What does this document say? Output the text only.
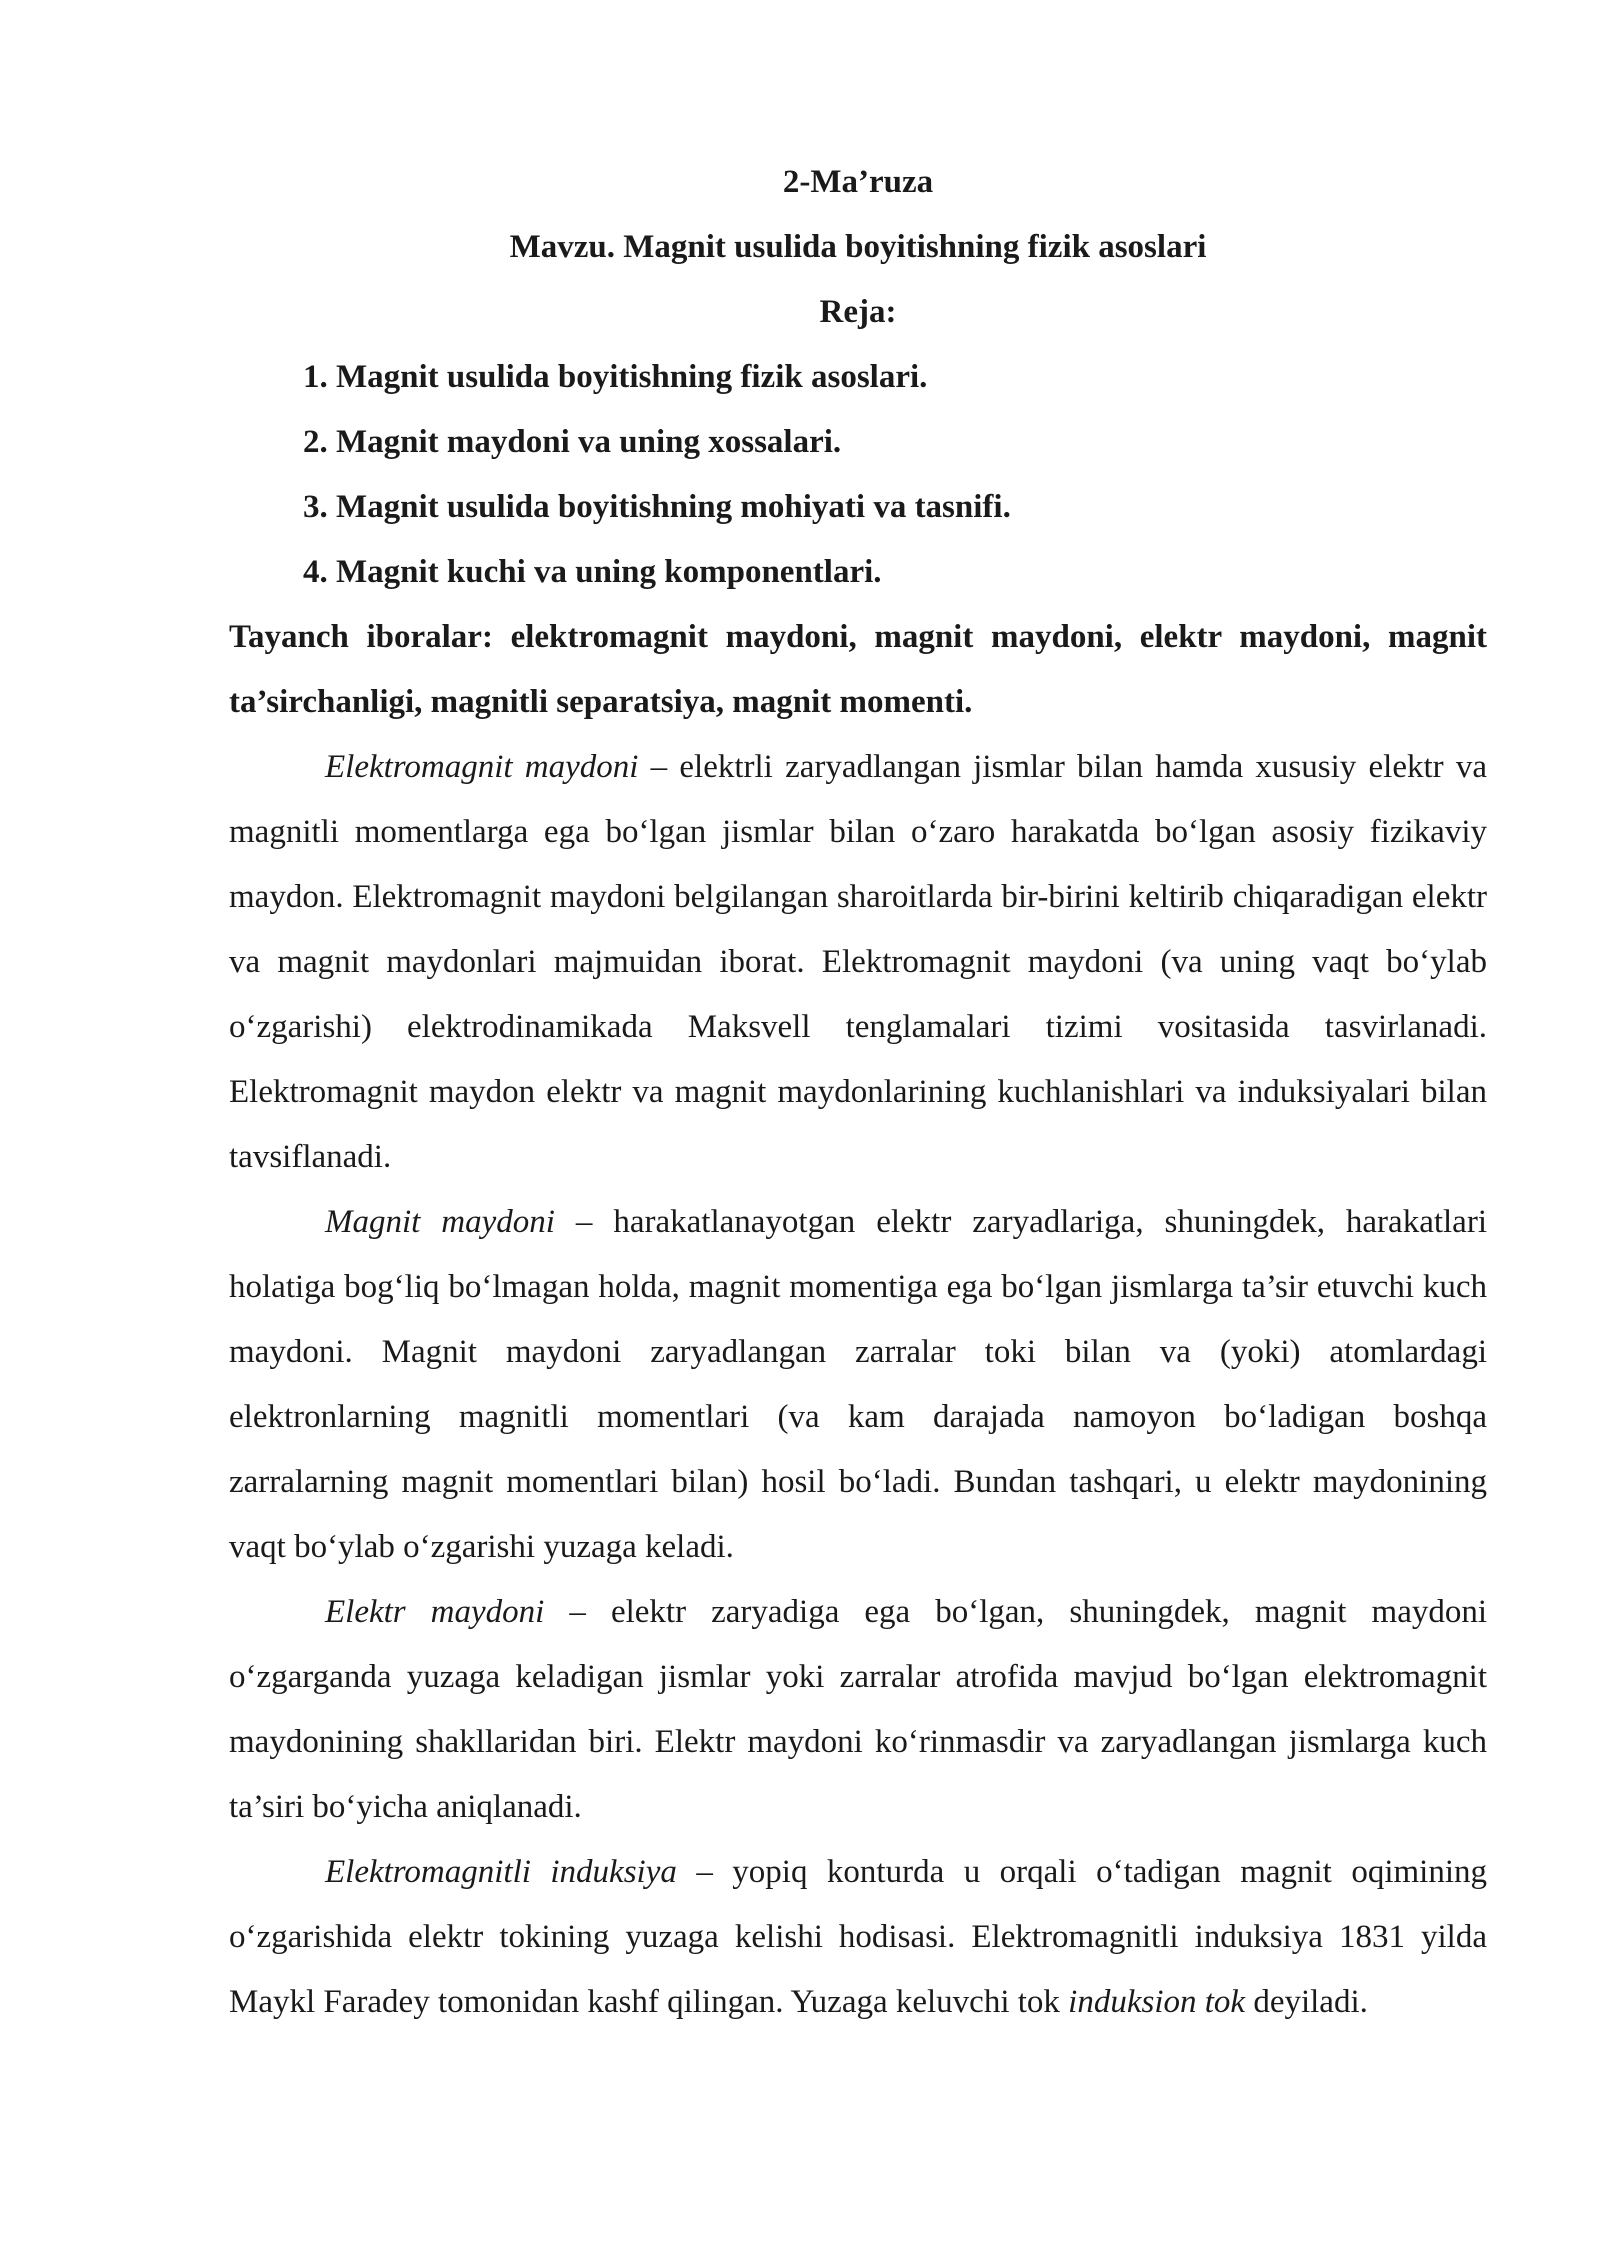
2-Ma’ruza

Mavzu. Magnit usulida boyitishning fizik asoslari

Reja:

1. Magnit usulida boyitishning fizik asoslari.
2. Magnit maydoni va uning xossalari.
3. Magnit usulida boyitishning mohiyati va tasnifi.
4. Magnit kuchi va uning komponentlari.

Tayanch iboralar: elektromagnit maydoni, magnit maydoni, elektr maydoni, magnit ta’sirchanligi, magnitli separatsiya, magnit momenti.

Elektromagnit maydoni – elektrli zaryadlangan jismlar bilan hamda xususiy elektr va magnitli momentlarga ega bo‘lgan jismlar bilan o‘zaro harakatda bo‘lgan asosiy fizikaviy maydon. Elektromagnit maydoni belgilangan sharoitlarda bir-birini keltirib chiqaradigan elektr va magnit maydonlari majmuidan iborat. Elektromagnit maydoni (va uning vaqt bo‘ylab o‘zgarishi) elektrodinamikada Maksvell tenglamalari tizimi vositasida tasvirlanadi. Elektromagnit maydon elektr va magnit maydonlarining kuchlanishlari va induksiyalari bilan tavsiflanadi.

Magnit maydoni – harakatlanayotgan elektr zaryadlariga, shuningdek, harakatlari holatiga bog‘liq bo‘lmagan holda, magnit momentiga ega bo‘lgan jismlarga ta’sir etuvchi kuch maydoni. Magnit maydoni zaryadlangan zarralar toki bilan va (yoki) atomlardagi elektronlarning magnitli momentlari (va kam darajada namoyon bo‘ladigan boshqa zarralarning magnit momentlari bilan) hosil bo‘ladi. Bundan tashqari, u elektr maydonining vaqt bo‘ylab o‘zgarishi yuzaga keladi.

Elektr maydoni – elektr zaryadiga ega bo‘lgan, shuningdek, magnit maydoni o‘zgarganda yuzaga keladigan jismlar yoki zarralar atrofida mavjud bo‘lgan elektromagnit maydonining shakllaridan biri. Elektr maydoni ko‘rinmasdir va zaryadlangan jismlarga kuch ta’siri bo‘yicha aniqlanadi.

Elektromagnitli induksiya – yopiq konturda u orqali o‘tadigan magnit oqimining o‘zgarishida elektr tokining yuzaga kelishi hodisasi. Elektromagnitli induksiya 1831 yilda Maykl Faradey tomonidan kashf qilingan. Yuzaga keluvchi tok induksion tok deyiladi.
